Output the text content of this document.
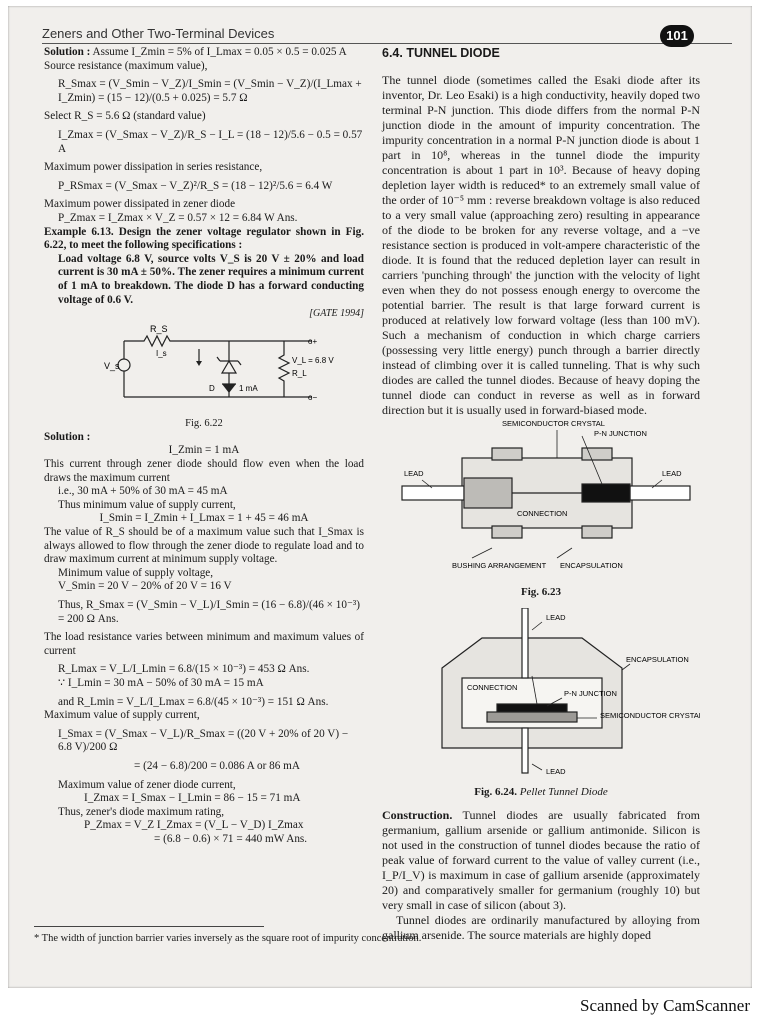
Zeners and Other Two-Terminal Devices	101

Solution : Assume I_Zmin = 5% of I_Lmax = 0.05 × 0.5 = 0.025 A

Source resistance (maximum value),

R_Smax = (V_Smin − V_Z)/I_Smin = (V_Smin − V_Z)/(I_Lmax + I_Zmin) = (15 − 12)/(0.5 + 0.025) = 5.7 Ω

Select R_S = 5.6 Ω (standard value)

I_Zmax = (V_Smax − V_Z)/R_S − I_L = (18 − 12)/5.6 − 0.5 = 0.57 A

Maximum power dissipation in series resistance,

P_RSmax = (V_Smax − V_Z)²/R_S = (18 − 12)²/5.6 = 6.4 W

Maximum power dissipated in zener diode

P_Zmax = I_Zmax × V_Z = 0.57 × 12 = 6.84 W Ans.

Example 6.13. Design the zener voltage regulator shown in Fig. 6.22, to meet the following specifications :

Load voltage 6.8 V, source volts V_S is 20 V ± 20% and load current is 30 mA ± 50%. The zener requires a minimum current of 1 mA to breakdown. The diode D has a forward conducting voltage of 0.6 V.

[GATE 1994]

R_S
I_s
V_s
D	1 mA
V_L = 6.8 V
R_L
o+
o−

Fig. 6.22

Solution :

I_Zmin = 1 mA

This current through zener diode should flow even when the load draws the maximum current

i.e., 30 mA + 50% of 30 mA = 45 mA

Thus minimum value of supply current,

I_Smin = I_Zmin + I_Lmax = 1 + 45 = 46 mA

The value of R_S should be of a maximum value such that I_Smax is always allowed to flow through the zener diode to regulate load and to draw maximum current at minimum supply voltage.

Minimum value of supply voltage,

V_Smin = 20 V − 20% of 20 V = 16 V

Thus, R_Smax = (V_Smin − V_L)/I_Smin = (16 − 6.8)/(46 × 10⁻³) = 200 Ω Ans.

The load resistance varies between minimum and maximum values of current

R_Lmax = V_L/I_Lmin = 6.8/(15 × 10⁻³) = 453 Ω Ans.

∵ I_Lmin = 30 mA − 50% of 30 mA = 15 mA

and R_Lmin = V_L/I_Lmax = 6.8/(45 × 10⁻³) = 151 Ω Ans.

Maximum value of supply current,

I_Smax = (V_Smax − V_L)/R_Smax = ((20 V + 20% of 20 V) − 6.8 V)/200 Ω

= (24 − 6.8)/200 = 0.086 A or 86 mA

Maximum value of zener diode current,

I_Zmax = I_Smax − I_Lmin = 86 − 15 = 71 mA

Thus, zener's diode maximum rating,

P_Zmax = V_Z I_Zmax = (V_L − V_D) I_Zmax

= (6.8 − 0.6) × 71 = 440 mW Ans.

6.4. TUNNEL DIODE

The tunnel diode (sometimes called the Esaki diode after its inventor, Dr. Leo Esaki) is a high conductivity, heavily doped two terminal P-N junction. This diode differs from the normal P-N junction diode in the amount of impurity concentration. The impurity concentration in a normal P-N junction diode is about 1 part in 10⁸, whereas in the tunnel diode the impurity concentration is about 1 part in 10³. Because of heavy doping depletion layer width is reduced* to an extremely small value of the order of 10⁻⁵ mm : reverse breakdown voltage is also reduced to a very small value (approaching zero) resulting in appearance of the diode to be broken for any reverse voltage, and a −ve resistance section is produced in volt-ampere characteristic of the diode. It is found that the reduced depletion layer can result in carriers 'punching through' the junction with the velocity of light even when they do not possess enough energy to overcome the potential barrier. The result is that large forward current is produced at relatively low forward voltage (less than 100 mV). Such a mechanism of conduction in which charge carriers (possessing very little energy) punch through a barrier directly instead of climbing over it is called tunneling. That is why such diodes are called the tunnel diodes. Because of heavy doping the tunnel diode can conduct in reverse as well as in forward direction but it is usually used in forward-biased mode.

SEMICONDUCTOR CRYSTAL
P-N JUNCTION
LEAD	LEAD
CONNECTION
BUSHING ARRANGEMENT ENCAPSULATION

Fig. 6.23

LEAD
ENCAPSULATION
CONNECTION
P-N JUNCTION
SEMICONDUCTOR CRYSTAL
LEAD

Fig. 6.24. Pellet Tunnel Diode

Construction. Tunnel diodes are usually fabricated from germanium, gallium arsenide or gallium antimonide. Silicon is not used in the construction of tunnel diodes because the ratio of peak value of forward current to the value of valley current (i.e., I_P/I_V) is maximum in case of gallium arsenide (approximately 20) and comparatively smaller for germanium (roughly 10) but very small in case of silicon (about 3).

Tunnel diodes are ordinarily manufactured by alloying from gallium arsenide. The source materials are highly doped

* The width of junction barrier varies inversely as the square root of impurity concentration.
Scanned by CamScanner
